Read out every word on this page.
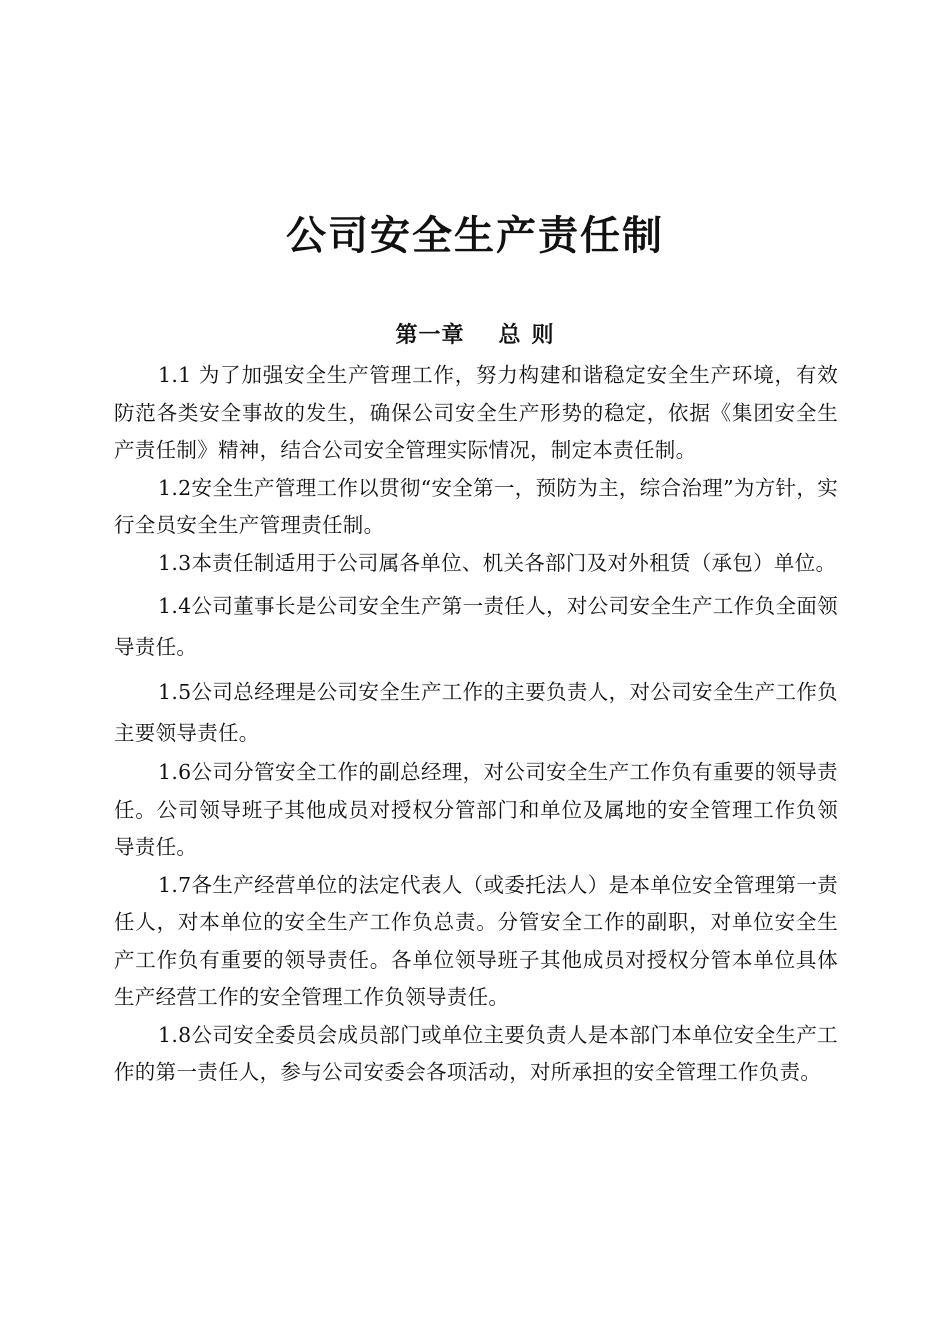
公司安全生产责任制
第一章 总 则

1.1 为了加强安全生产管理工作，努力构建和谐稳定安全生产环境，有效防范各类安全事故的发生，确保公司安全生产形势的稳定，依据《集团安全生产责任制》精神，结合公司安全管理实际情况，制定本责任制。

1.2安全生产管理工作以贯彻“安全第一，预防为主，综合治理”为方针，实行全员安全生产管理责任制。

1.3本责任制适用于公司属各单位、机关各部门及对外租赁（承包）单位。

1.4公司董事长是公司安全生产第一责任人，对公司安全生产工作负全面领导责任。

1.5公司总经理是公司安全生产工作的主要负责人，对公司安全生产工作负主要领导责任。

1.6公司分管安全工作的副总经理，对公司安全生产工作负有重要的领导责任。公司领导班子其他成员对授权分管部门和单位及属地的安全管理工作负领导责任。

1.7各生产经营单位的法定代表人（或委托法人）是本单位安全管理第一责任人，对本单位的安全生产工作负总责。分管安全工作的副职，对单位安全生产工作负有重要的领导责任。各单位领导班子其他成员对授权分管本单位具体生产经营工作的安全管理工作负领导责任。

1.8公司安全委员会成员部门或单位主要负责人是本部门本单位安全生产工作的第一责任人，参与公司安委会各项活动，对所承担的安全管理工作负责。
